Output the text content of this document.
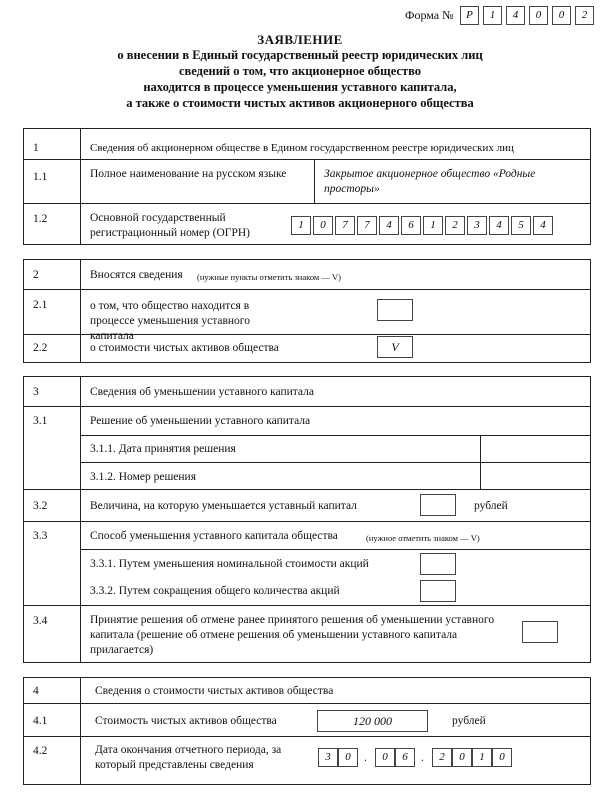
Форма №	Р	1	4	0	0	2
ЗАЯВЛЕНИЕ
о внесении в Единый государственный реестр юридических лиц
сведений о том, что акционерное общество
находится в процессе уменьшения уставного капитала,
а также о стоимости чистых активов акционерного общества
1	Сведения об акционерном обществе в Едином государственном реестре юридических лиц
1.1	Полное наименование на русском языке	Закрытое акционерное общество «Родные просторы»
1.2	Основной государственный регистрационный номер (ОГРН)
1	0	7	7	4	6	1	2	3	4	5	4
2	Вносятся сведения (нужные пункты отметить знаком — V)
2.1	о том, что общество находится в процессе уменьшения уставного капитала
2.2	о стоимости чистых активов общества	V
3	Сведения об уменьшении уставного капитала
3.1	Решение об уменьшении уставного капитала
3.1.1. Дата принятия решения
3.1.2. Номер решения
3.2	Величина, на которую уменьшается уставный капитал	рублей
3.3	Способ уменьшения уставного капитала общества	(нужное отметить знаком — V)
3.3.1. Путем уменьшения номинальной стоимости акций
3.3.2. Путем сокращения общего количества акций
3.4	Принятие решения об отмене ранее принятого решения об уменьшении уставного капитала (решение об отмене решения об уменьшении уставного капитала прилагается)
4	Сведения о стоимости чистых активов общества
4.1	Стоимость чистых активов общества	120 000	рублей
4.2	Дата окончания отчетного периода, за который представлены сведения
3	0	.	0	6	.	2	0	1	0
